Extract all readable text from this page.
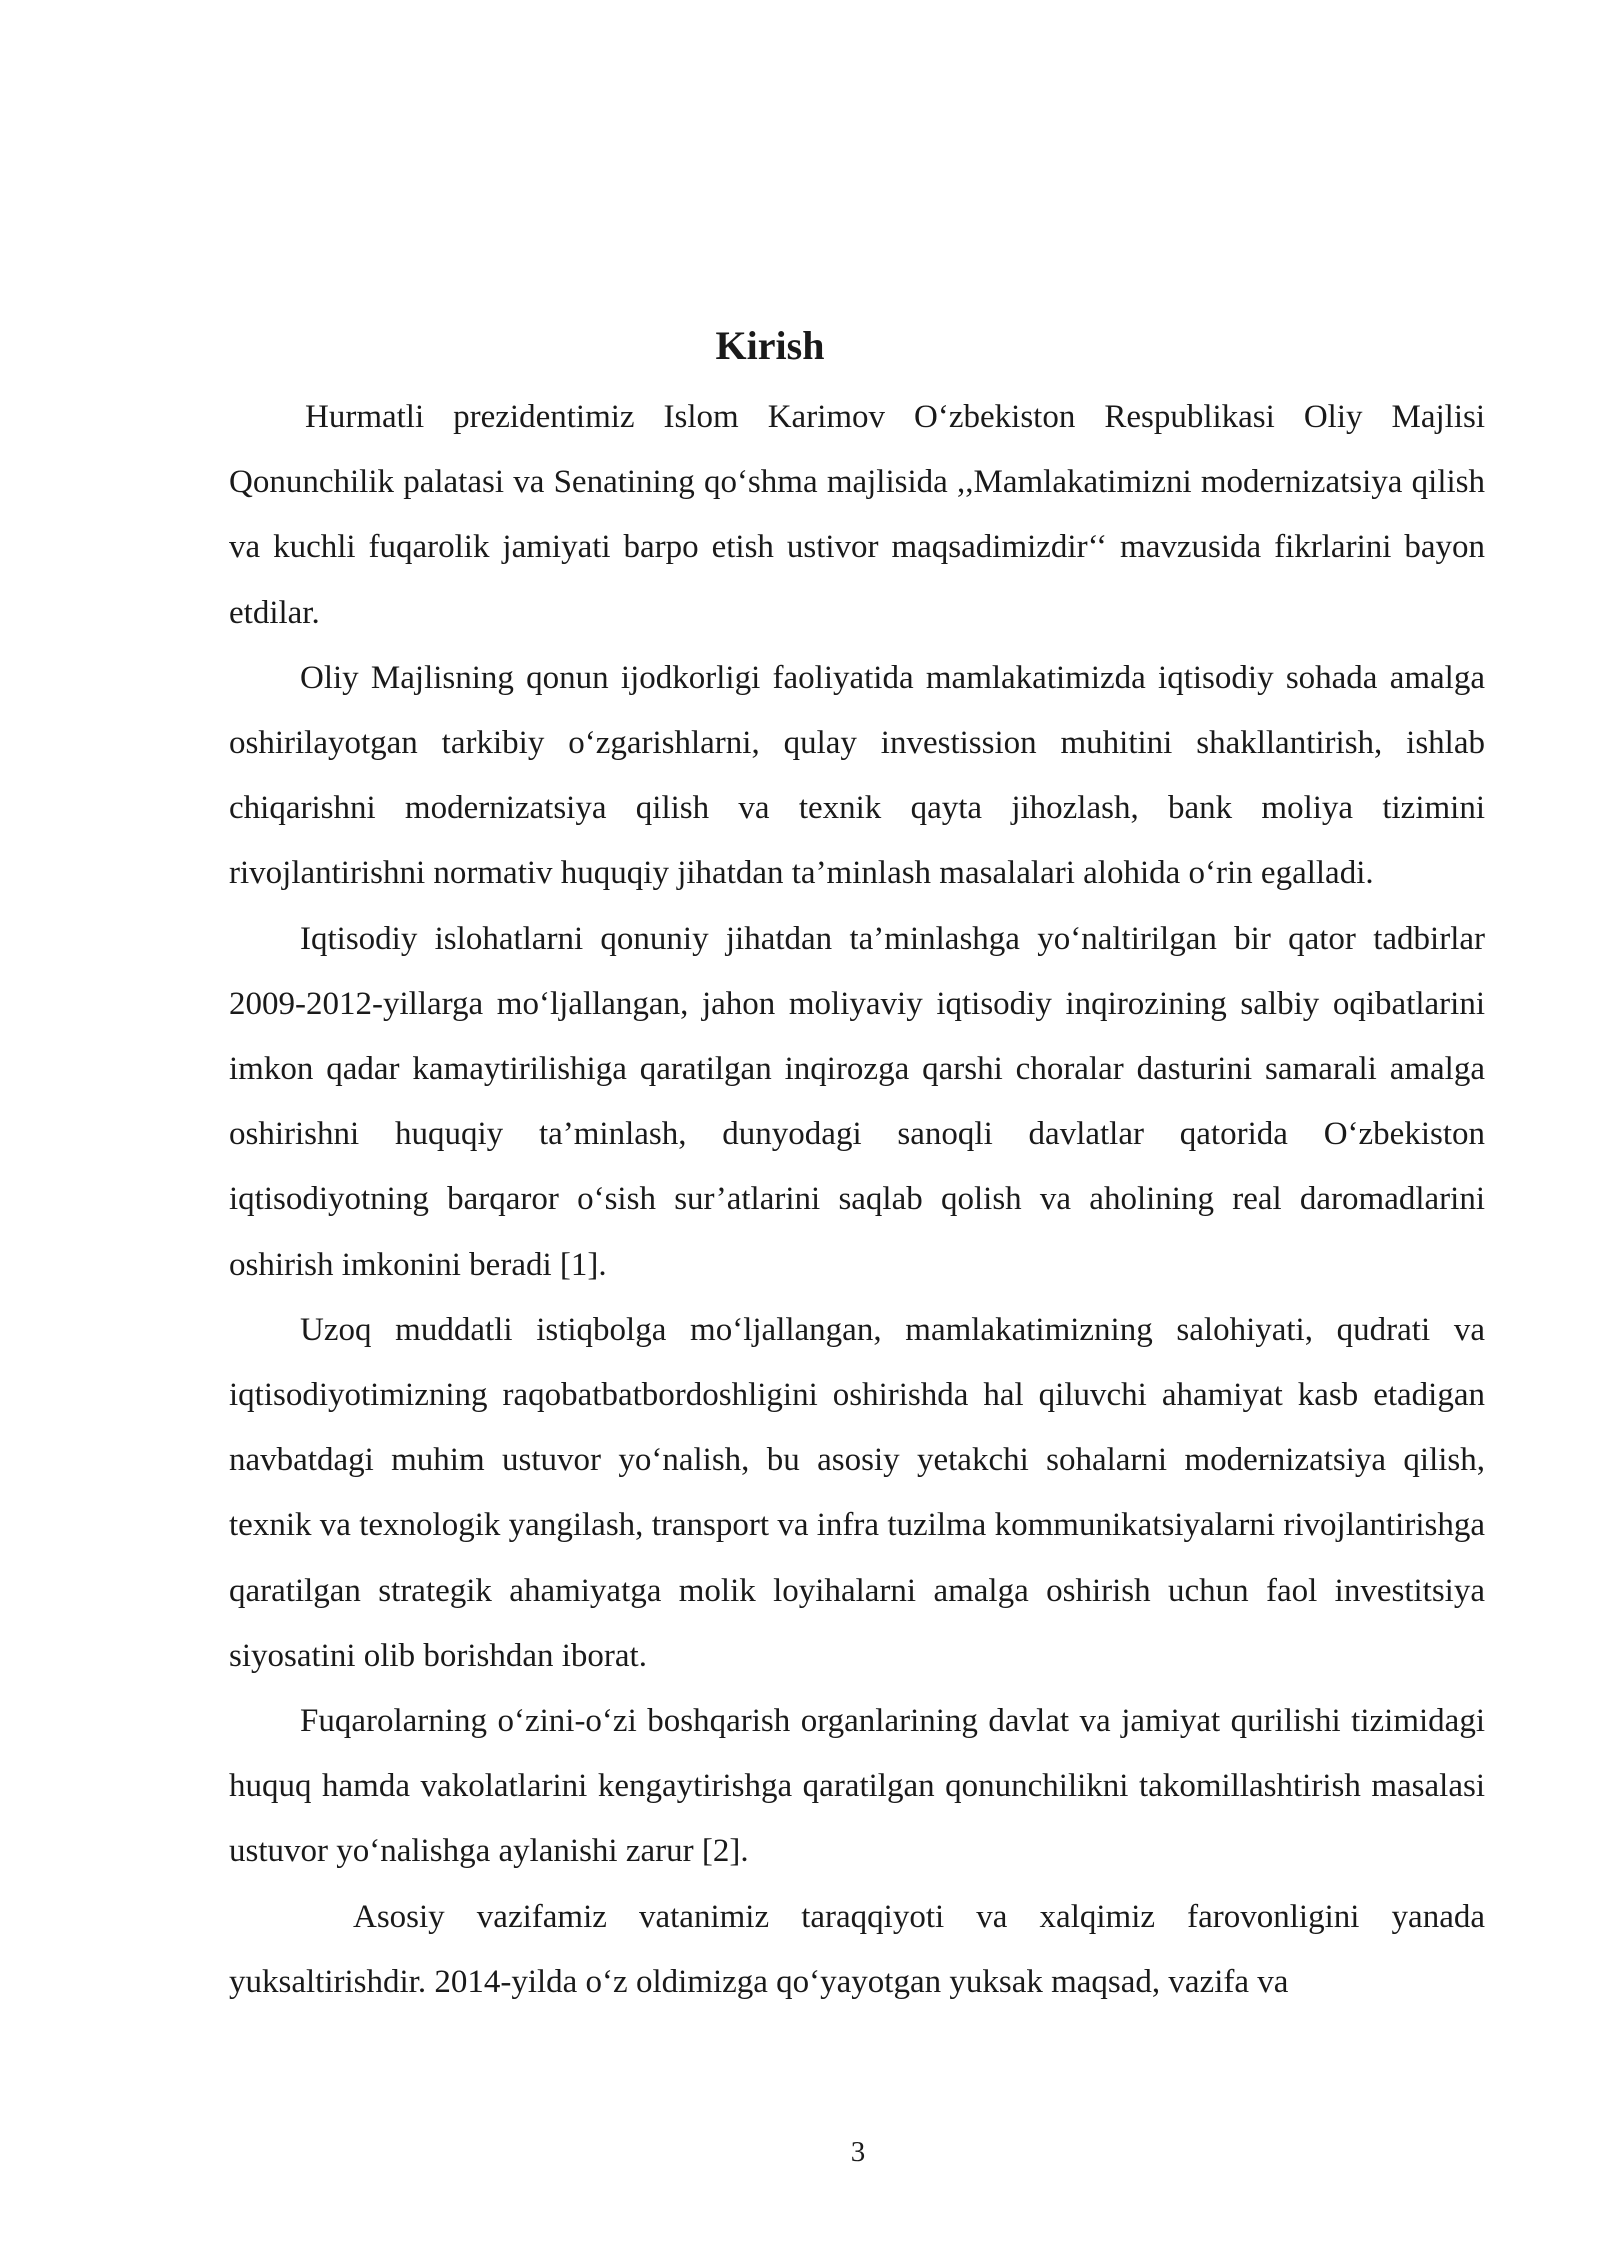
Kirish

Hurmatli prezidentimiz Islom Karimov O‘zbekiston Respublikasi Oliy Majlisi Qonunchilik palatasi va Senatining qo‘shma majlisida ,,Mamlakatimizni modernizatsiya qilish va kuchli fuqarolik jamiyati barpo etish ustivor maqsadimizdir‘‘ mavzusida fikrlarini bayon etdilar.

Oliy Majlisning qonun ijodkorligi faoliyatida mamlakatimizda iqtisodiy sohada amalga oshirilayotgan tarkibiy o‘zgarishlarni, qulay investission muhitini shakllantirish, ishlab chiqarishni modernizatsiya qilish va texnik qayta jihozlash, bank moliya tizimini rivojlantirishni normativ huquqiy jihatdan ta’minlash masalalari alohida o‘rin egalladi.

Iqtisodiy islohatlarni qonuniy jihatdan ta’minlashga yo‘naltirilgan bir qator tadbirlar 2009-2012-yillarga mo‘ljallangan, jahon moliyaviy iqtisodiy inqirozining salbiy oqibatlarini imkon qadar kamaytirilishiga qaratilgan inqirozga qarshi choralar dasturini samarali amalga oshirishni huquqiy ta’minlash, dunyodagi sanoqli davlatlar qatorida O‘zbekiston iqtisodiyotning barqaror o‘sish sur’atlarini saqlab qolish va aholining real daromadlarini oshirish imkonini beradi [1].

Uzoq muddatli istiqbolga mo‘ljallangan, mamlakatimizning salohiyati, qudrati va iqtisodiyotimizning raqobatbatbordoshligini oshirishda hal qiluvchi ahamiyat kasb etadigan navbatdagi muhim ustuvor yo‘nalish, bu asosiy yetakchi sohalarni modernizatsiya qilish, texnik va texnologik yangilash, transport va infra tuzilma kommunikatsiyalarni rivojlantirishga qaratilgan strategik ahamiyatga molik loyihalarni amalga oshirish uchun faol investitsiya siyosatini olib borishdan iborat.

Fuqarolarning o‘zini-o‘zi boshqarish organlarining davlat va jamiyat qurilishi tizimidagi huquq hamda vakolatlarini kengaytirishga qaratilgan qonunchilikni takomillashtirish masalasi ustuvor yo‘nalishga aylanishi zarur [2].

Asosiy vazifamiz vatanimiz taraqqiyoti va xalqimiz farovonligini yanada yuksaltirishdir. 2014-yilda o‘z oldimizga qo‘yayotgan yuksak maqsad, vazifa va

3
